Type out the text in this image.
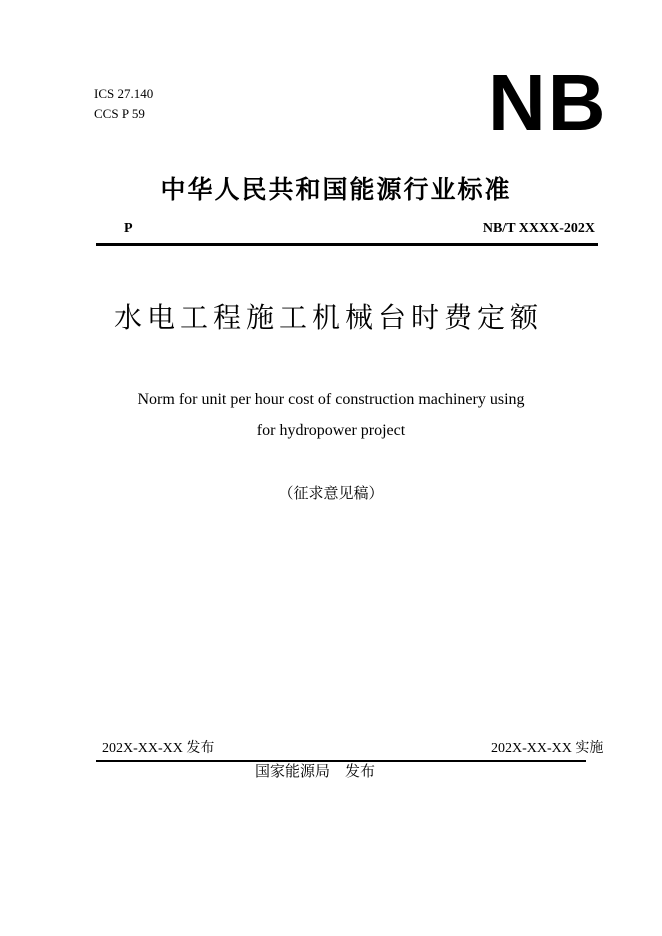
ICS 27.140
CCS P 59	NB
中华人民共和国能源行业标准
P	NB/T XXXX-202X
水电工程施工机械台时费定额
Norm for unit per hour cost of construction machinery using
for hydropower project
（征求意见稿）
202X-XX-XX 发布	202X-XX-XX 实施
国家能源局　发布
